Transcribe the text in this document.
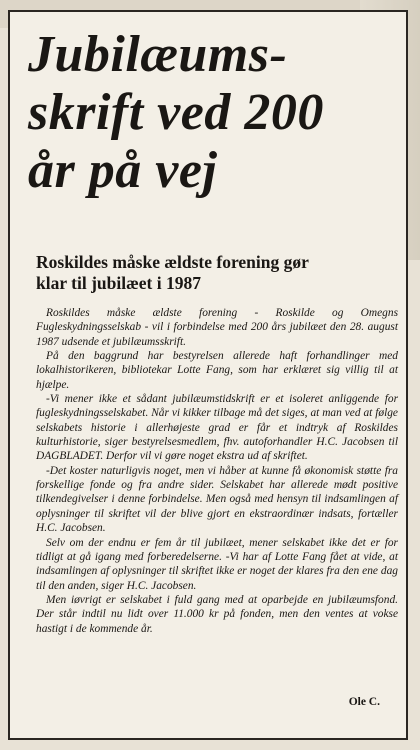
Jubilæums-
skrift ved 200
år på vej
Roskildes måske ældste forening gør
klar til jubilæet i 1987

Roskildes måske ældste forening - Roskilde og Omegns Fugleskydningsselskab - vil i forbindelse med 200 års jubilæet den 28. august 1987 udsende et jubilæumsskrift.

På den baggrund har bestyrelsen allerede haft forhandlinger med lokalhistorikeren, bibliotekar Lotte Fang, som har erklæret sig villig til at hjælpe.

-Vi mener ikke et sådant jubilæumstidskrift er et isoleret anliggende for fugleskydningsselskabet. Når vi kikker tilbage må det siges, at man ved at følge selskabets historie i allerhøjeste grad er får et indtryk af Roskildes kulturhistorie, siger bestyrelsesmedlem, fhv. autoforhandler H.C. Jacobsen til DAGBLADET. Derfor vil vi gøre noget ekstra ud af skriftet.

-Det koster naturligvis noget, men vi håber at kunne få økonomisk støtte fra forskellige fonde og fra andre sider. Selskabet har allerede mødt positive tilkendegivelser i denne forbindelse. Men også med hensyn til indsamlingen af oplysninger til skriftet vil der blive gjort en ekstraordinær indsats, fortæller H.C. Jacobsen.

Selv om der endnu er fem år til jubilæet, mener selskabet ikke det er for tidligt at gå igang med forberedelserne. -Vi har af Lotte Fang fået at vide, at indsamlingen af oplysninger til skriftet ikke er noget der klares fra den ene dag til den anden, siger H.C. Jacobsen.

Men iøvrigt er selskabet i fuld gang med at oparbejde en jubilæumsfond. Der står indtil nu lidt over 11.000 kr på fonden, men den ventes at vokse hastigt i de kommende år.

Ole C.
